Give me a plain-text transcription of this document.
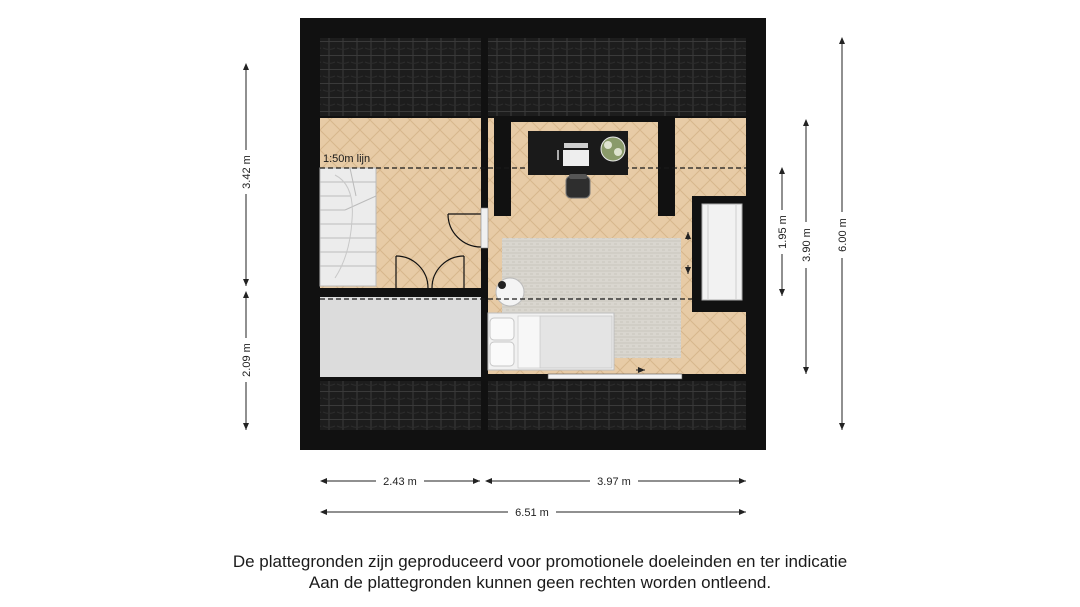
1:50m lijn
3.42 m
2.09 m
1.95 m 3.90 m 6.00 m
2.43 m	3.97 m
6.51 m
De plattegronden zijn geproduceerd voor promotionele doeleinden en ter indicatie
Aan de plattegronden kunnen geen rechten worden ontleend.
